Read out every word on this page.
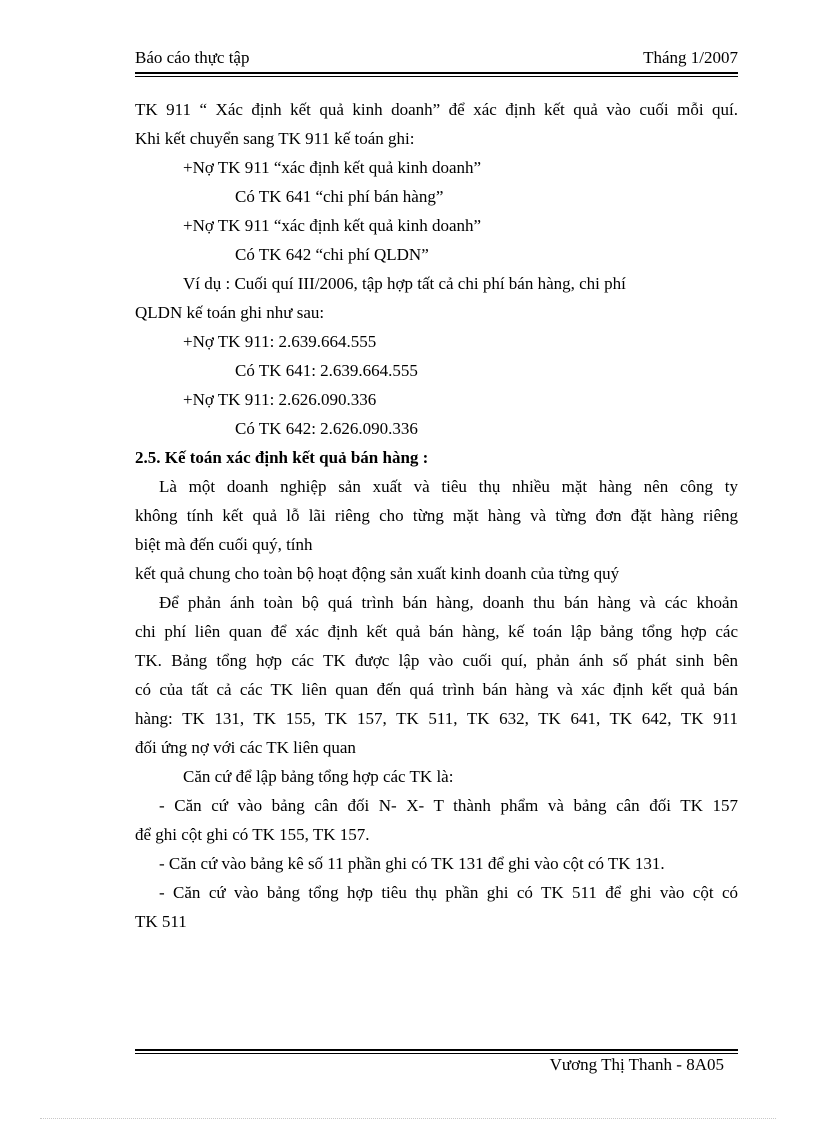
Báo cáo thực tập	Tháng 1/2007
TK 911 “ Xác định kết quả kinh doanh” để xác định kết quả vào cuối mỗi quí.
Khi kết chuyển sang TK 911 kế toán ghi:
+Nợ TK 911 “xác định kết quả kinh doanh”
Có TK 641 “chi phí bán hàng”
+Nợ TK 911 “xác định kết quả kinh doanh”
Có TK 642 “chi phí QLDN”
Ví dụ : Cuối quí III/2006, tập hợp tất cả chi phí bán hàng, chi phí
QLDN kế toán ghi như sau:
+Nợ TK 911: 2.639.664.555
Có TK 641: 2.639.664.555
+Nợ TK 911: 2.626.090.336
Có TK 642: 2.626.090.336
2.5. Kế toán xác định kết quả bán hàng :
Là một doanh nghiệp sản xuất và tiêu thụ nhiều mặt hàng nên công ty
không tính kết quả lỗ lãi riêng cho từng mặt hàng và từng đơn đặt hàng riêng
biệt mà đến cuối quý, tính
kết quả chung cho toàn bộ hoạt động sản xuất kinh doanh của từng quý
Để phản ánh toàn bộ quá trình bán hàng, doanh thu bán hàng và các khoản
chi phí liên quan để xác định kết quả bán hàng, kế toán lập bảng tổng hợp các
TK. Bảng tổng hợp các TK được lập vào cuối quí, phản ánh số phát sinh bên
có của tất cả các TK liên quan đến quá trình bán hàng và xác định kết quả bán
hàng: TK 131, TK 155, TK 157, TK 511, TK 632, TK 641, TK 642, TK 911
đối ứng nợ với các TK liên quan
Căn cứ để lập bảng tổng hợp các TK là:
- Căn cứ vào bảng cân đối N- X- T thành phẩm và bảng cân đối TK 157
để ghi cột ghi có TK 155, TK 157.
- Căn cứ vào bảng kê số 11 phần ghi có TK 131 để ghi vào cột có TK 131.
- Căn cứ vào bảng tổng hợp tiêu thụ phần ghi có TK 511 để ghi vào cột có
TK 511
Vương Thị Thanh - 8A05
